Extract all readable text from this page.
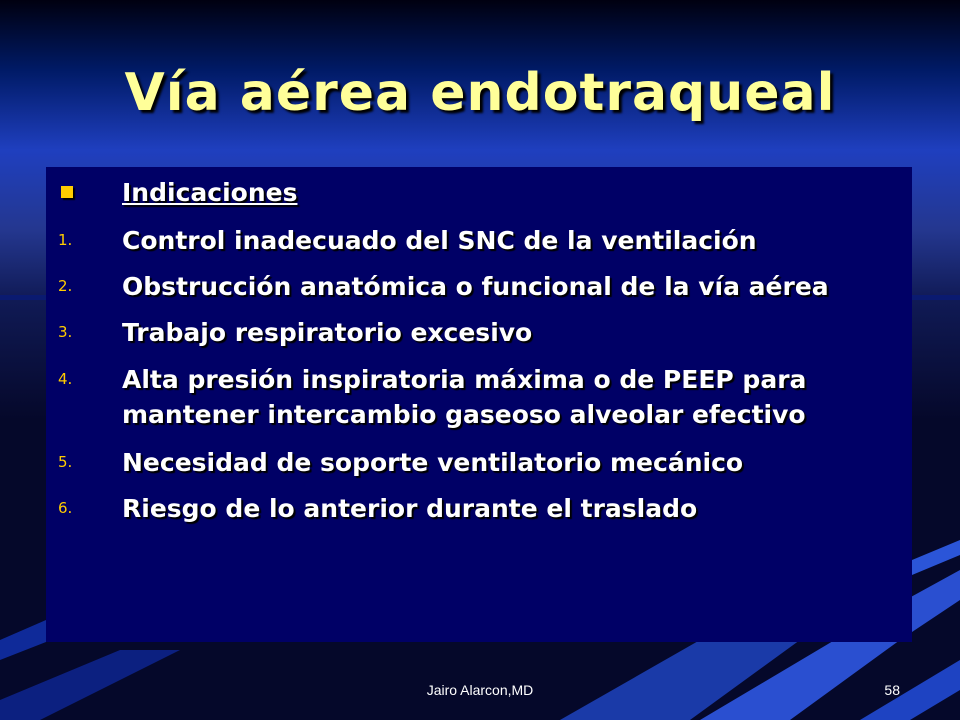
Vía aérea endotraqueal
Indicaciones
1.	Control inadecuado del SNC de la ventilación
2.	Obstrucción anatómica o funcional de la vía aérea
3.	Trabajo respiratorio excesivo
4.	Alta presión inspiratoria máxima o de PEEP para
mantener intercambio gaseoso alveolar efectivo
5.	Necesidad de soporte ventilatorio mecánico
6.	Riesgo de lo anterior durante el traslado
Jairo Alarcon,MD	58
